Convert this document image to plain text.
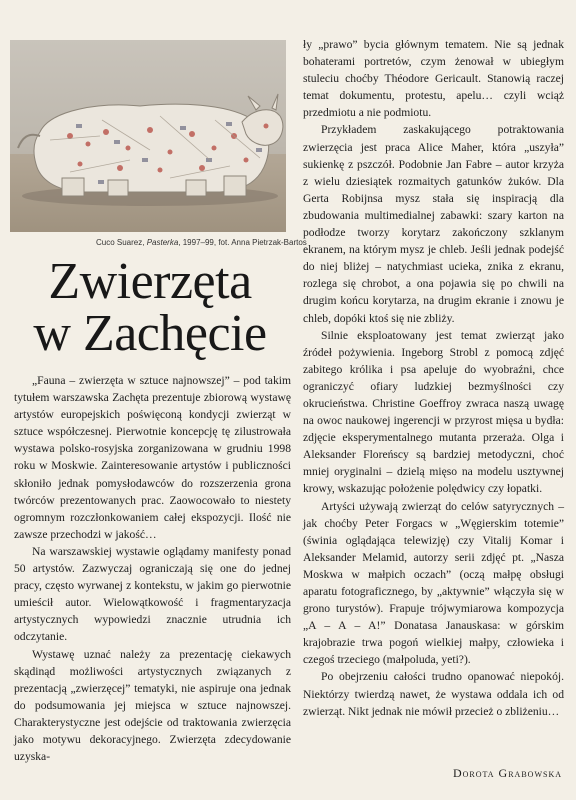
Cuco Suarez, Pasterka, 1997–99, fot. Anna Pietrzak-Bartos
Zwierzęta
w Zachęcie

„Fauna – zwierzęta w sztuce najnowszej” – pod takim tytułem warszawska Zachęta prezentuje zbiorową wystawę artystów europejskich poświęconą kondycji zwierząt w sztuce współczesnej. Pierwotnie koncepcję tę zilustrowała wystawa polsko-rosyjska zorganizowana w grudniu 1998 roku w Moskwie. Zainteresowanie artystów i publiczności skłoniło jednak pomysłodawców do rozszerzenia grona twórców prezentowanych prac. Zaowocowało to niestety ogromnym rozczłonkowaniem całej ekspozycji. Ilość nie zawsze przechodzi w jakość…

Na warszawskiej wystawie oglądamy manifesty ponad 50 artystów. Zazwyczaj ograniczają się one do jednej pracy, często wyrwanej z kontekstu, w jakim go pierwotnie umieścił autor. Wielowątkowość i fragmentaryzacja artystycznych wypowiedzi znacznie utrudnia ich odczytanie.

Wystawę uznać należy za prezentację ciekawych skądinąd możliwości artystycznych związanych z prezentacją „zwierzęcej” tematyki, nie aspiruje ona jednak do podsumowania jej miejsca w sztuce najnowszej. Charakterystyczne jest odejście od traktowania zwierzęcia jako motywu dekoracyjnego. Zwierzęta zdecydowanie uzyska-

ły „prawo” bycia głównym tematem. Nie są jednak bohaterami portretów, czym żenował w ubiegłym stuleciu choćby Théodore Gericault. Stanowią raczej temat dokumentu, protestu, apelu… czyli wciąż przedmiotu a nie podmiotu.

Przykładem zaskakującego potraktowania zwierzęcia jest praca Alice Maher, która „uszyła” sukienkę z pszczół. Podobnie Jan Fabre – autor krzyża z wielu dziesiątek rozmaitych gatunków żuków. Dla Gerta Robijnsa mysz stała się inspiracją dla zbudowania multimedialnej zabawki: szary karton na podłodze tworzy korytarz zakończony szklanym ekranem, na którym mysz je chleb. Jeśli jednak podejść do niej bliżej – natychmiast ucieka, znika z ekranu, rozlega się chrobot, a ona pojawia się po chwili na drugim końcu korytarza, na drugim ekranie i znowu je chleb, dopóki ktoś się nie zbliży.

Silnie eksploatowany jest temat zwierząt jako źródeł pożywienia. Ingeborg Strobl z pomocą zdjęć zabitego królika i psa apeluje do wyobraźni, chce ograniczyć ofiary ludzkiej bezmyślności czy okrucieństwa. Christine Goeffroy zwraca naszą uwagę na owoc naukowej ingerencji w przyrost mięsa u bydła: zdjęcie eksperymentalnego mutanta przeraża. Olga i Aleksander Floreńscy są bardziej metodyczni, choć mniej oryginalni – dzielą mięso na modelu usztywnej krowy, wskazując położenie polędwicy czy łopatki.

Artyści używają zwierząt do celów satyrycznych – jak choćby Peter Forgacs w „Węgierskim totemie” (świnia oglądająca telewizję) czy Vitalij Komar i Aleksander Melamid, autorzy serii zdjęć pt. „Nasza Moskwa w małpich oczach” (oczą małpę obsługi aparatu fotograficznego, by „aktywnie” włączyła się w grono turystów). Frapuje trójwymiarowa kompozycja „A – A – A!” Donatasa Janauskasa: w górskim krajobrazie trwa pogoń wielkiej małpy, człowieka i czegoś trzeciego (małpoluda, yeti?).

Po obejrzeniu całości trudno opanować niepokój. Niektórzy twierdzą nawet, że wystawa oddala ich od zwierząt. Nikt jednak nie mówił przecież o zbliżeniu…

Dorota Grabowska
